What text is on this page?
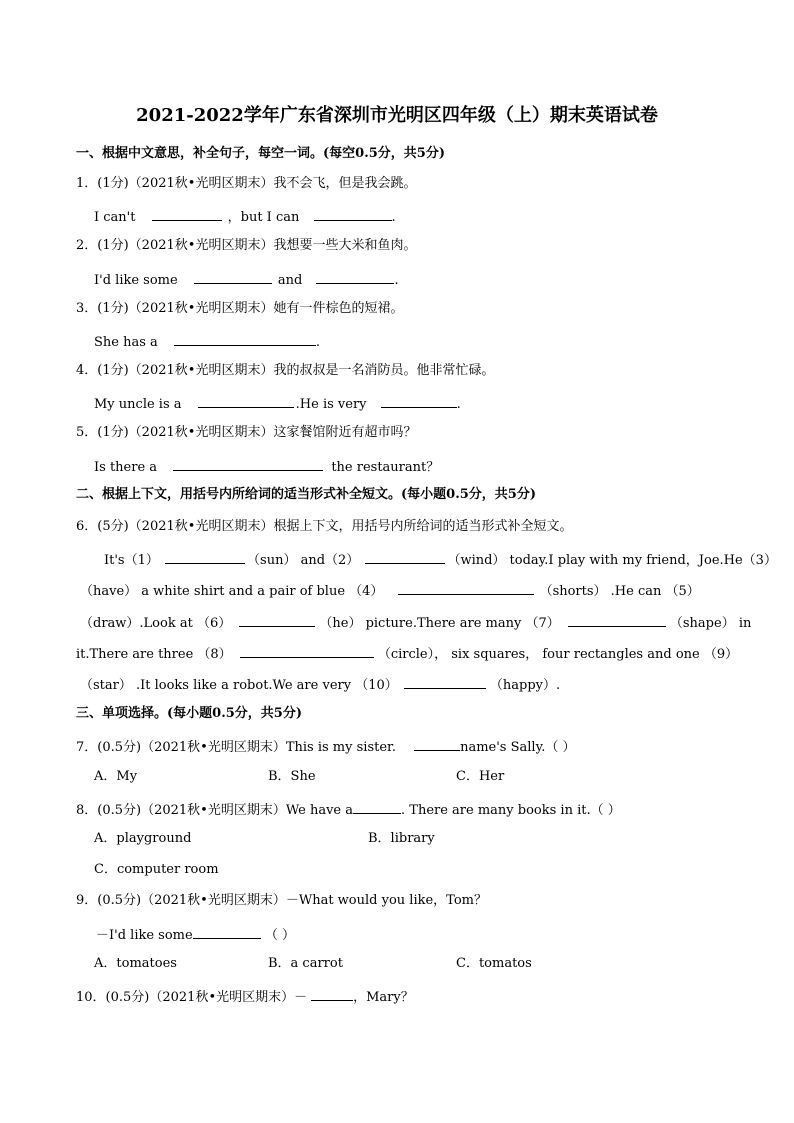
2021-2022学年广东省深圳市光明区四年级（上）期末英语试卷
一、根据中文意思，补全句子，每空一词。(每空0.5分，共5分)
1．(1分)（2021秋•光明区期末）我不会飞，但是我会跳。
I can't	，but I can	.
2．(1分)（2021秋•光明区期末）我想要一些大米和鱼肉。
I'd like some	and	.
3．(1分)（2021秋•光明区期末）她有一件棕色的短裙。
She has a	.
4．(1分)（2021秋•光明区期末）我的叔叔是一名消防员。他非常忙碌。
My uncle is a	.He is very	.
5．(1分)（2021秋•光明区期末）这家餐馆附近有超市吗？
Is there a	the restaurant？
二、根据上下文，用括号内所给词的适当形式补全短文。(每小题0.5分，共5分)
6．(5分)（2021秋•光明区期末）根据上下文，用括号内所给词的适当形式补全短文。
It's（1）	（sun） and（2）	（wind） today.I play with my friend，Joe.He（3）
（have） a white shirt and a pair of blue （4）	（shorts） .He can （5）
（draw）.Look at （6）	（he） picture.There are many （7）	（shape） in
it.There are three （8）	（circle）， six squares， four rectangles and one （9）
（star） .It looks like a robot.We are very （10）	（happy）.
三、单项选择。(每小题0.5分，共5分)
7．(0.5分)（2021秋•光明区期末）This is my sister.	name's Sally.（ ）
A．My	B．She	C．Her
8．(0.5分)（2021秋•光明区期末）We have a	. There are many books in it.（ ）
A．playground	B．library
C．computer room
9．(0.5分)（2021秋•光明区期末）－What would you like，Tom？
－I'd like some	（ ）
A．tomatoes	B．a carrot	C．tomatos
10．(0.5分)（2021秋•光明区期末）－	，Mary？
